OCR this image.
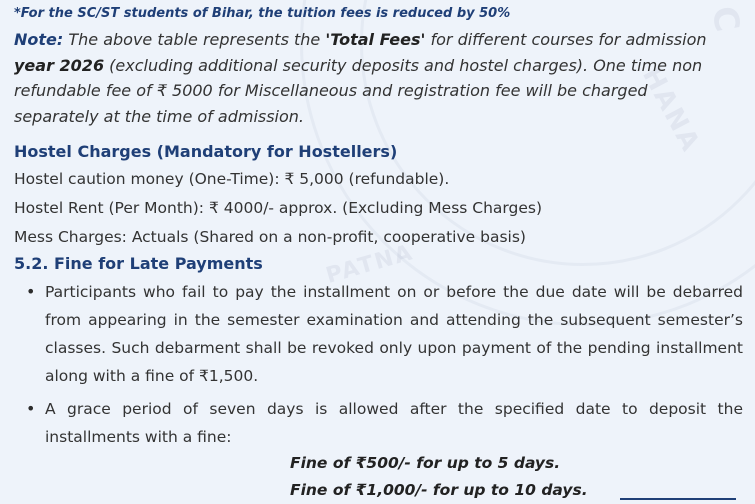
PATNA
HANA
C
*For the SC/ST students of Bihar, the tuition fees is reduced by 50%
Note: The above table represents the 'Total Fees' for different courses for admission year 2026 (excluding additional security deposits and hostel charges). One time non refundable fee of ₹ 5000 for Miscellaneous and registration fee will be charged separately at the time of admission.
Hostel Charges (Mandatory for Hostellers)
Hostel caution money (One-Time): ₹ 5,000 (refundable).
Hostel Rent (Per Month): ₹ 4000/- approx. (Excluding Mess Charges)
Mess Charges: Actuals (Shared on a non-profit, cooperative basis)
5.2. Fine for Late Payments
• Participants who fail to pay the installment on or before the due date will be debarred from appearing in the semester examination and attending the subsequent semester’s classes. Such debarment shall be revoked only upon payment of the pending installment along with a fine of ₹1,500.
• A grace period of seven days is allowed after the specified date to deposit the installments with a fine:
Fine of ₹500/- for up to 5 days.
Fine of ₹1,000/- for up to 10 days.
